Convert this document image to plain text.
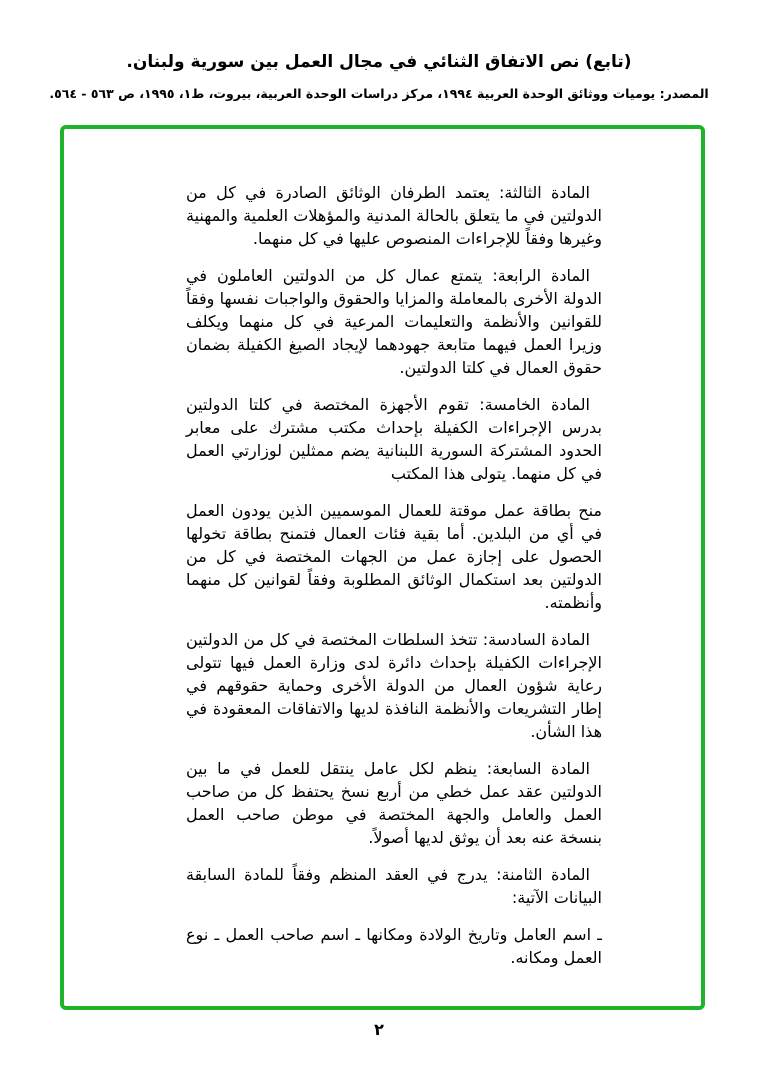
(تابع) نص الاتفاق الثنائي في مجال العمل بين سورية ولبنان.
المصدر: يوميات ووثائق الوحدة العربية ١٩٩٤، مركز دراسات الوحدة العربية، بيروت، ط١، ١٩٩٥، ص ٥٦٣ - ٥٦٤.

المادة الثالثة: يعتمد الطرفان الوثائق الصادرة في كل من الدولتين في ما يتعلق بالحالة المدنية والمؤهلات العلمية والمهنية وغيرها وفقاً للإجراءات المنصوص عليها في كل منهما.

المادة الرابعة: يتمتع عمال كل من الدولتين العاملون في الدولة الأخرى بالمعاملة والمزايا والحقوق والواجبات نفسها وفقاً للقوانين والأنظمة والتعليمات المرعية في كل منهما ويكلف وزيرا العمل فيهما متابعة جهودهما لإيجاد الصيغ الكفيلة بضمان حقوق العمال في كلتا الدولتين.

المادة الخامسة: تقوم الأجهزة المختصة في كلتا الدولتين بدرس الإجراءات الكفيلة بإحداث مكتب مشترك على معابر الحدود المشتركة السورية اللبنانية يضم ممثلين لوزارتي العمل في كل منهما. يتولى هذا المكتب

منح بطاقة عمل موقتة للعمال الموسميين الذين يودون العمل في أي من البلدين. أما بقية فئات العمال فتمنح بطاقة تخولها الحصول على إجازة عمل من الجهات المختصة في كل من الدولتين بعد استكمال الوثائق المطلوبة وفقاً لقوانين كل منهما وأنظمته.

المادة السادسة: تتخذ السلطات المختصة في كل من الدولتين الإجراءات الكفيلة بإحداث دائرة لدى وزارة العمل فيها تتولى رعاية شؤون العمال من الدولة الأخرى وحماية حقوقهم في إطار التشريعات والأنظمة النافذة لديها والاتفاقات المعقودة في هذا الشأن.

المادة السابعة: ينظم لكل عامل ينتقل للعمل في ما بين الدولتين عقد عمل خطي من أربع نسخ يحتفظ كل من صاحب العمل والعامل والجهة المختصة في موطن صاحب العمل بنسخة عنه بعد أن يوثق لديها أصولاً.

المادة الثامنة: يدرج في العقد المنظم وفقاً للمادة السابقة البيانات الآتية:

ـ اسم العامل وتاريخ الولادة ومكانها ـ اسم صاحب العمل ـ نوع العمل ومكانه.

٢
